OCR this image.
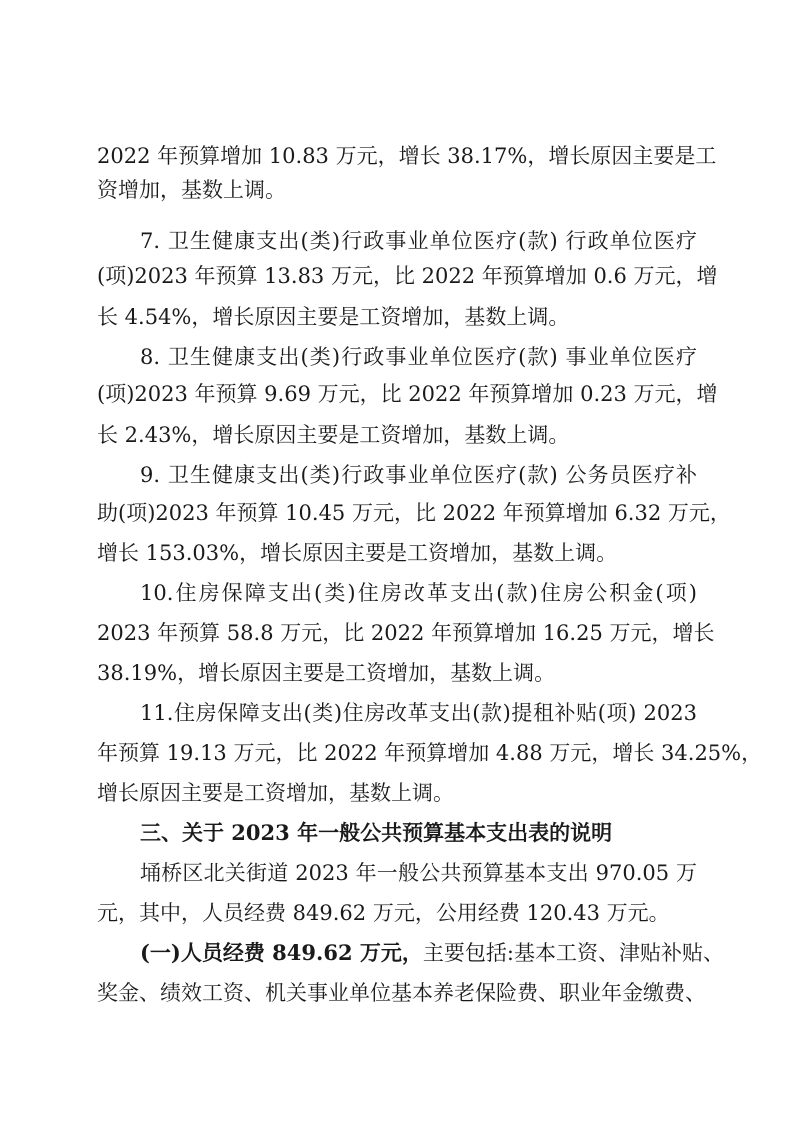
2022 年预算增加 10.83 万元，增长 38.17%，增长原因主要是工
资增加，基数上调。
7. 卫生健康支出(类)行政事业单位医疗(款) 行政单位医疗
(项)2023 年预算 13.83 万元，比 2022 年预算增加 0.6 万元，增
长 4.54%，增长原因主要是工资增加，基数上调。
8. 卫生健康支出(类)行政事业单位医疗(款) 事业单位医疗
(项)2023 年预算 9.69 万元，比 2022 年预算增加 0.23 万元，增
长 2.43%，增长原因主要是工资增加，基数上调。
9. 卫生健康支出(类)行政事业单位医疗(款) 公务员医疗补
助(项)2023 年预算 10.45 万元，比 2022 年预算增加 6.32 万元，
增长 153.03%，增长原因主要是工资增加，基数上调。
10.住房保障支出(类)住房改革支出(款)住房公积金(项)
2023 年预算 58.8 万元，比 2022 年预算增加 16.25 万元，增长
38.19%，增长原因主要是工资增加，基数上调。
11.住房保障支出(类)住房改革支出(款)提租补贴(项) 2023
年预算 19.13 万元，比 2022 年预算增加 4.88 万元，增长 34.25%，
增长原因主要是工资增加，基数上调。
三、关于 2023 年一般公共预算基本支出表的说明
埇桥区北关街道 2023 年一般公共预算基本支出 970.05 万
元，其中，人员经费 849.62 万元，公用经费 120.43 万元。
(一)人员经费 849.62 万元，主要包括:基本工资、津贴补贴、
奖金、绩效工资、机关事业单位基本养老保险费、职业年金缴费、
